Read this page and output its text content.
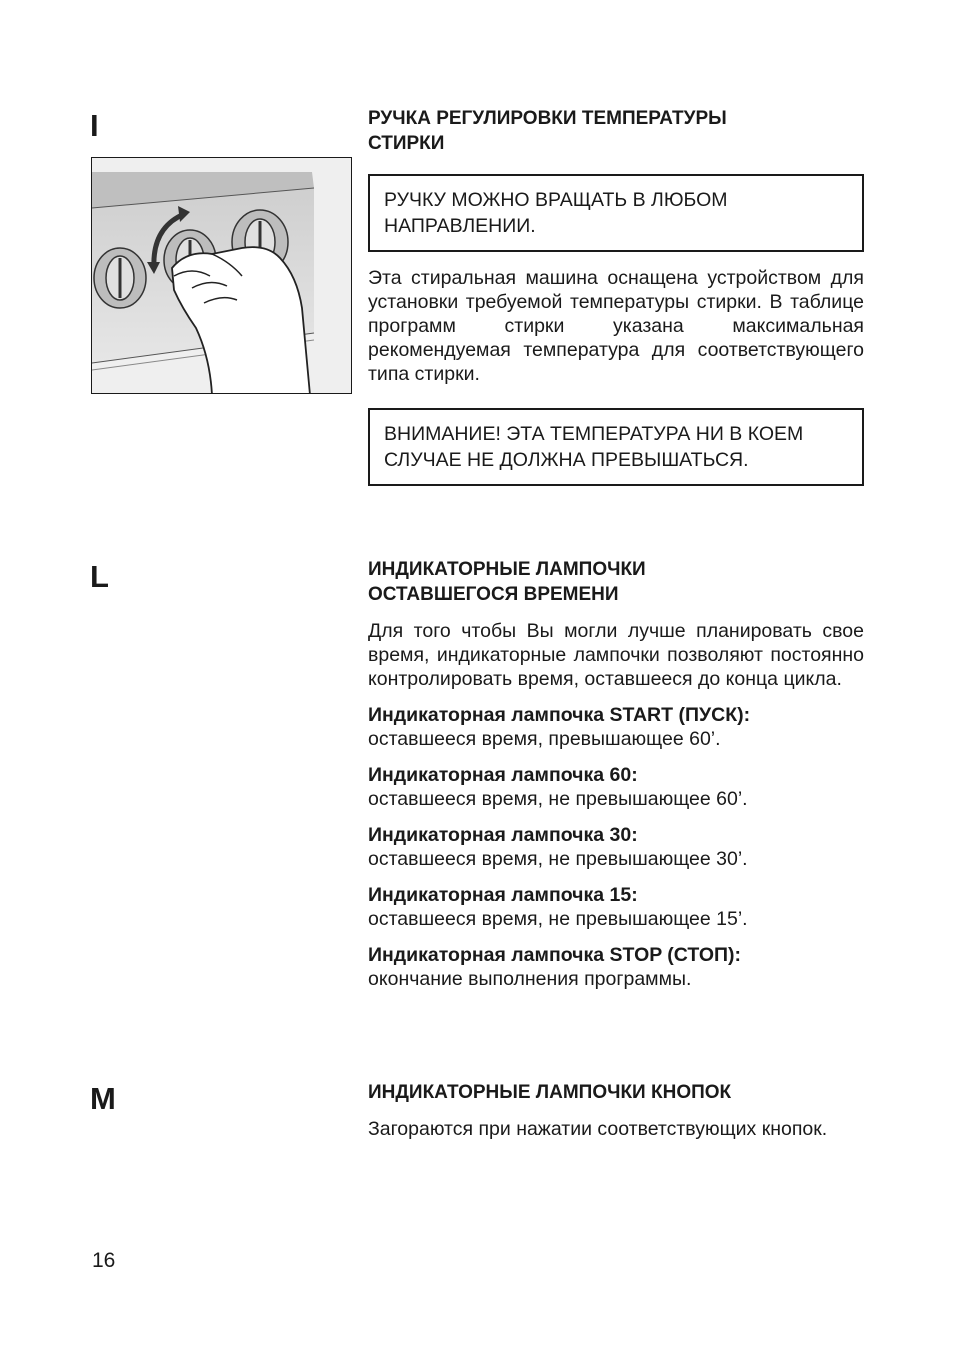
I	РУЧКА РЕГУЛИРОВКИ ТЕМПЕРАТУРЫ
СТИРКИ

РУЧКУ МОЖНО ВРАЩАТЬ В ЛЮБОМ НАПРАВЛЕНИИ.

Эта стиральная машина оснащена устройством для установки требуемой температуры стирки. В таблице программ стирки указана максимальная рекомендуемая температура для соответствующего типа стирки.

ВНИМАНИЕ! ЭТА ТЕМПЕРАТУРА НИ В КОЕМ СЛУЧАЕ НЕ ДОЛЖНА ПРЕВЫШАТЬСЯ.
L	ИНДИКАТОРНЫЕ ЛАМПОЧКИ
ОСТАВШЕГОСЯ ВРЕМЕНИ

Для того чтобы Вы могли лучше планировать свое время, индикаторные лампочки позволяют постоянно контролировать время, оставшееся до конца цикла.

Индикаторная лампочка START (ПУСК):
оставшееся время, превышающее 60’.

Индикаторная лампочка 60:
оставшееся время, не превышающее 60’.

Индикаторная лампочка 30:
оставшееся время, не превышающее 30’.

Индикаторная лампочка 15:
оставшееся время, не превышающее 15’.

Индикаторная лампочка STOP (СТОП):
окончание выполнения программы.

M	ИНДИКАТОРНЫЕ ЛАМПОЧКИ КНОПОК

Загораются при нажатии соответствующих кнопок.

16
